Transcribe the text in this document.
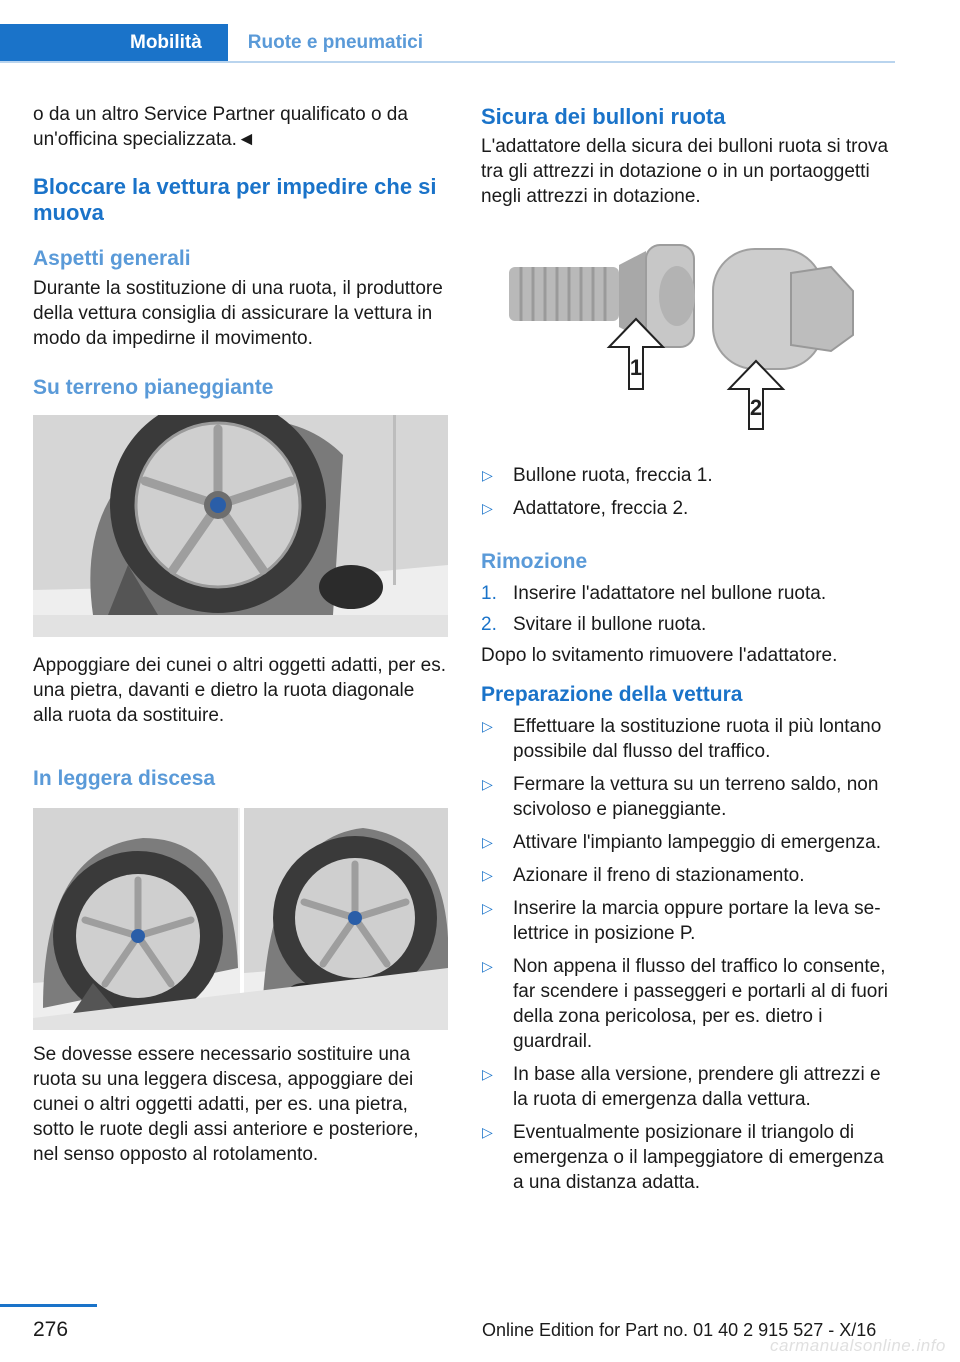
Mobilità	Ruote e pneumatici

o da un altro Service Partner qualificato o da un'officina specializzata.◄

Bloccare la vettura per impedire che si muova
Aspetti generali

Durante la sostituzione di una ruota, il produttore della vettura consiglia di assicurare la vettura in modo da impedirne il movimento.

Su terreno pianeggiante

Appoggiare dei cunei o altri oggetti adatti, per es. una pietra, davanti e dietro la ruota diagonale alla ruota da sostituire.

In leggera discesa

Se dovesse essere necessario sostituire una ruota su una leggera discesa, appoggiare dei cunei o altri oggetti adatti, per es. una pietra, sotto le ruote degli assi anteriore e posteriore, nel senso opposto al rotolamento.

Sicura dei bulloni ruota

L'adattatore della sicura dei bulloni ruota si trova tra gli attrezzi in dotazione o in un portaoggetti negli attrezzi in dotazione.

1
2
▷ Bullone ruota, freccia 1.
▷ Adattatore, freccia 2.
Rimozione
1. Inserire l'adattatore nel bullone ruota.
2. Svitare il bullone ruota.

Dopo lo svitamento rimuovere l'adattatore.

Preparazione della vettura
▷ Effettuare la sostituzione ruota il più lontano possibile dal flusso del traffico.
▷ Fermare la vettura su un terreno saldo, non scivoloso e pianeggiante.
▷ Attivare l'impianto lampeggio di emergenza.
▷ Azionare il freno di stazionamento.
▷ Inserire la marcia oppure portare la leva selettrice in posizione P.
▷ Non appena il flusso del traffico lo consente, far scendere i passeggeri e portarli al di fuori della zona pericolosa, per es. dietro i guardrail.
▷ In base alla versione, prendere gli attrezzi e la ruota di emergenza dalla vettura.
▷ Eventualmente posizionare il triangolo di emergenza o il lampeggiatore di emergenza a una distanza adatta.
276	Online Edition for Part no. 01 40 2 915 527 - X/16
carmanualsonline.info
